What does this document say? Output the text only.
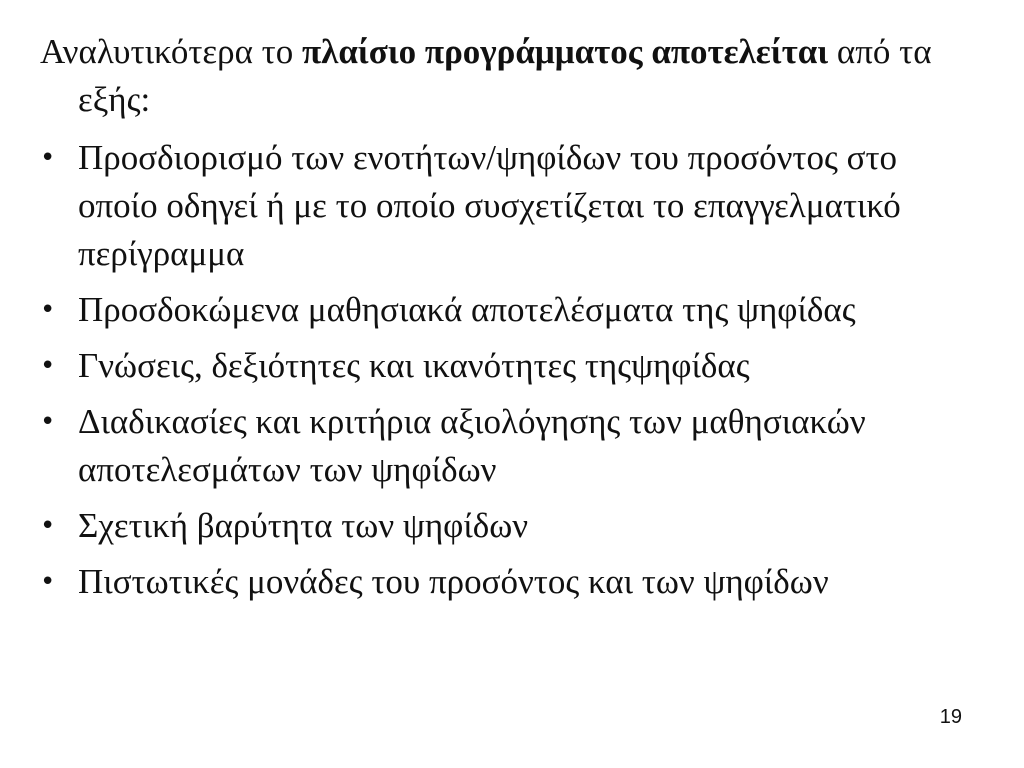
Αναλυτικότερα το πλαίσιο προγράμματος αποτελείται από τα εξής:

• Προσδιορισμό των ενοτήτων/ψηφίδων του προσόντος στο οποίο οδηγεί ή με το οποίο συσχετίζεται το επαγγελματικό περίγραμμα
• Προσδοκώμενα μαθησιακά αποτελέσματα της ψηφίδας
• Γνώσεις, δεξιότητες και ικανότητες τηςψηφίδας
• Διαδικασίες και κριτήρια αξιολόγησης των μαθησιακών αποτελεσμάτων των ψηφίδων
• Σχετική βαρύτητα των ψηφίδων
• Πιστωτικές μονάδες του προσόντος και των ψηφίδων
19
